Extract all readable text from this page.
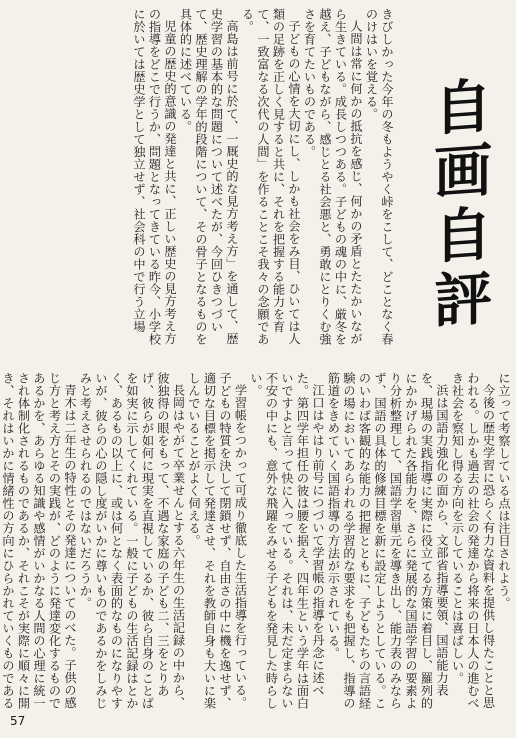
自画自評

きびしかった今年の冬もようやく峠をこして、どことなく春のけはいを覚える。

人間は常に何かの抵抗を感じ、何かの矛盾とたたかいながら生きている。成長しつつある。子どもの魂の中に、厳冬を越え、子どもながら、感じとる社会悪と、勇敢にとりくむ強さを育てたいものである。

子どもの心情を大切にし、しかも社会をみ目、ひいては人類の足跡を正しく見すると共に、それを把握する能力を育て、一致富なる次代の人間」を作ることこそ我々の念願である。

高島は前号に於て、一厩史的な見方考え方」を通して、歴史学習の基本的な問題について述べたが、今回ひきつづいて、歴史理解の学年的段階について、その骨子となるものを具体的に述べている。

児童の歴史的意識の発達と共に、正しい歴史の見方考え方の指導をどこで行うか、問題となってきている昨今、小学校に於いては歴史学として独立せず、社会科の中で行う立場

に立って考察している点は注目されよう。

今後の歴史学習に恐らく有力な資料を提供し得たことと思われる。しかも過去の社会の発達から将来の日本人の進むべき社会を察知し得る方向を示していることは喜ばしい。

浜は国語力強化の面から、文部省指導要領、国語能力表を、現場の実践指導に実際に役立てる方策に着目し、羅列的にかかげられた各能力を、さらに発展的な国語学習の要素より分析整理して、国語学習単元を導き出し、能力表のみならず、国語の具体的修練目標を新に設定しようとしている。このいわば客観的な能力の把握とともに、子どもたちの言語経験の場においてあらわれる学習的な要求をも把握し、指導の筋道をきめていく国語指導の方法が示されている。

江口はやはり前号につづいて学習帳の指導を丹念に述べた。第四学年担任の彼は腰を据え、四年生という学年は面白いですよと言って快に入っている。それは、未だ定まらない不安の中にも、意外な飛躍をみせる子どもを発見した時らしい。

学習帳をつかって可成り徹底した生活指導を行っている。子どもの特質を決して閉鎖せず、自由さの中に機を逸せず、適切な目標を掲示して発達させ、それを教師自身も大いに楽しんでいることがよく伺える。

長岡はやがて卒業せんとする六年生の生活記録の中から、彼独得の眼をもって、不遇な家庭の子ども二、三をとりあげ、彼らが如何に現実を直視しているか、彼ら自身のことばを如実に示してくれている。一般に子どもの生活記録はとかく、あるもの以上に、或は何となく表面的なものになりやすいが、彼らの心の隠し度がいかに尊いものであるかをしみじみと考えさせられるのではないだろうか。

青木は二年生の特性とその発達についてのべた。子供の感じ方と考え方とその実践が、どのように発達変化するものであるかを、あらゆる知識や感情がいかなる人間の心理に統一され体制化されるものであるか、それこそが実際に順々に開き、それはいかに情緒性の方向にひらかれていくものである

57
